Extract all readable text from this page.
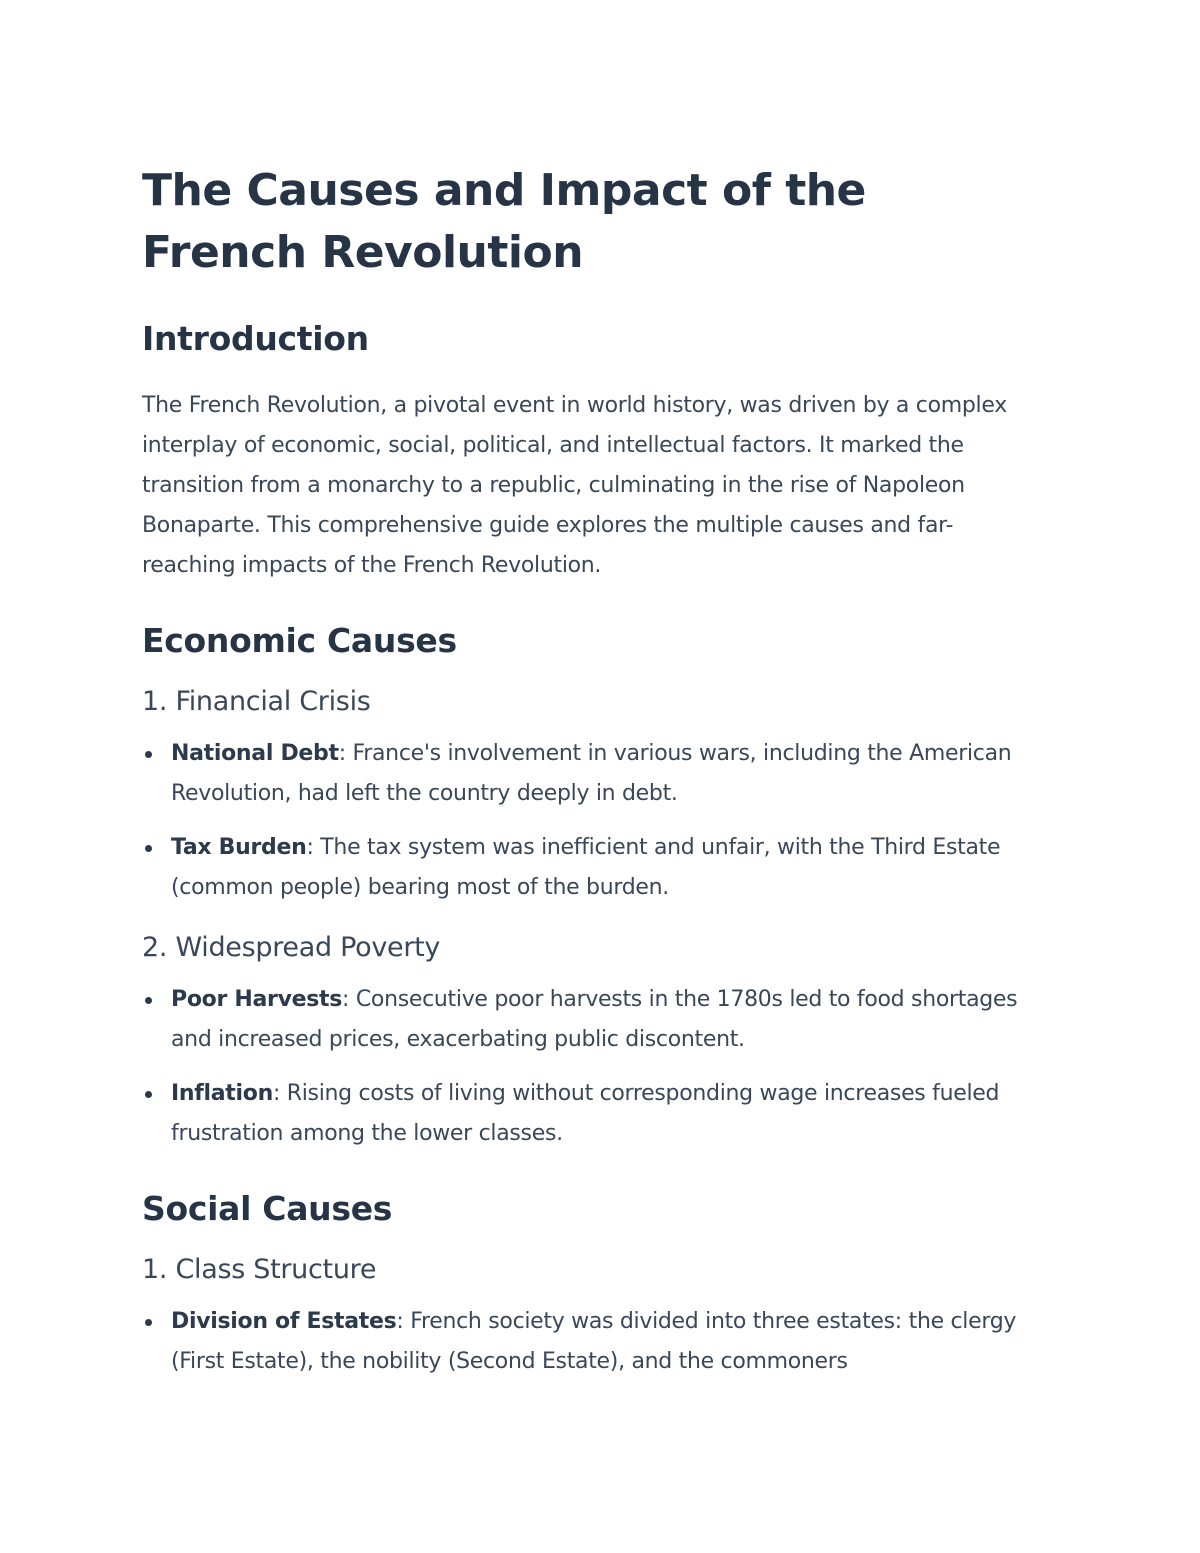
The Causes and Impact of the French Revolution
Introduction

The French Revolution, a pivotal event in world history, was driven by a complex interplay of economic, social, political, and intellectual factors. It marked the transition from a monarchy to a republic, culminating in the rise of Napoleon Bonaparte. This comprehensive guide explores the multiple causes and far-reaching impacts of the French Revolution.

Economic Causes
1. Financial Crisis
National Debt: France's involvement in various wars, including the American Revolution, had left the country deeply in debt.
Tax Burden: The tax system was inefficient and unfair, with the Third Estate (common people) bearing most of the burden.
2. Widespread Poverty
Poor Harvests: Consecutive poor harvests in the 1780s led to food shortages and increased prices, exacerbating public discontent.
Inflation: Rising costs of living without corresponding wage increases fueled frustration among the lower classes.
Social Causes
1. Class Structure
Division of Estates: French society was divided into three estates: the clergy (First Estate), the nobility (Second Estate), and the commoners
